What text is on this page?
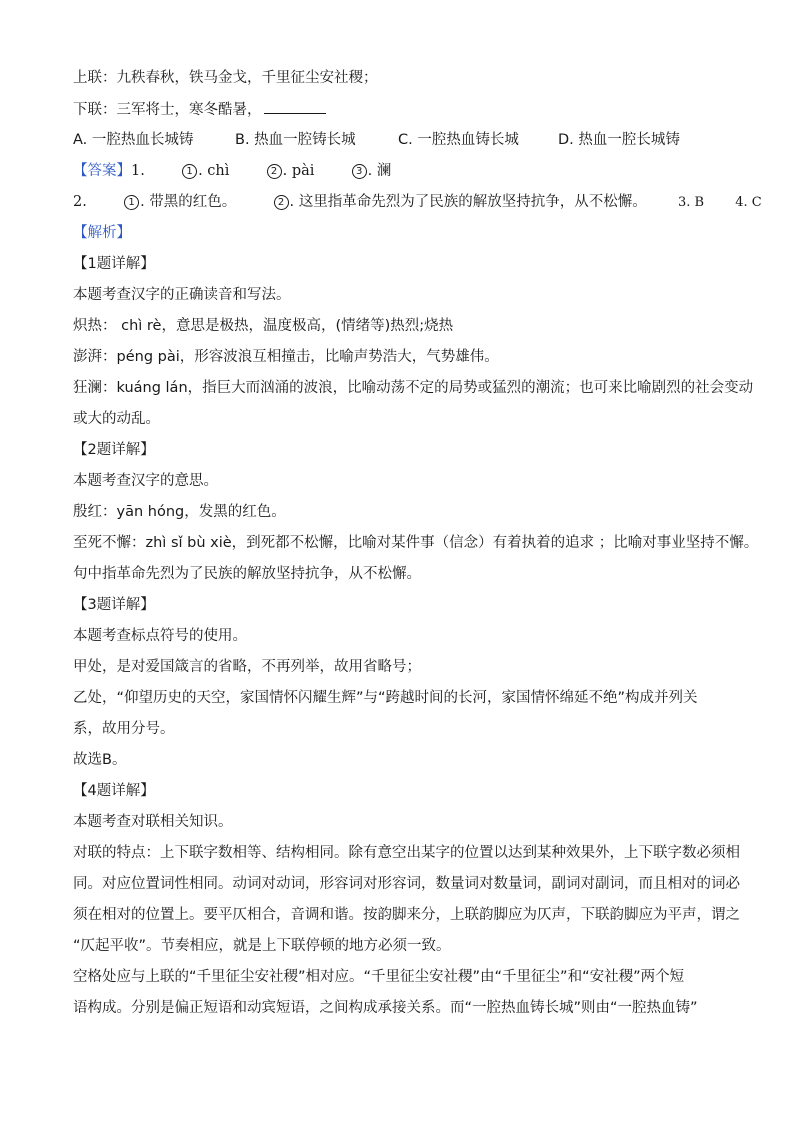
上联：九秩春秋，铁马金戈，千里征尘安社稷；
下联：三军将士，寒冬酷暑，
A. 一腔热血长城铸	B. 热血一腔铸长城	C. 一腔热血铸长城	D. 热血一腔长城铸
【答案】1.	1 . chì	2 . pài	3 . 澜
2.	1 . 带黑的红色。	2 . 这里指革命先烈为了民族的解放坚持抗争，从不松懈。 3. B 4. C
【解析】
【1题详解】
本题考查汉字的正确读音和写法。
炽热： chì rè，意思是极热，温度极高，(情绪等)热烈;烧热
澎湃：péng pài，形容波浪互相撞击，比喻声势浩大，气势雄伟。
狂澜：kuáng lán，指巨大而汹涌的波浪，比喻动荡不定的局势或猛烈的潮流；也可来比喻剧烈的社会变动
或大的动乱。
【2题详解】
本题考查汉字的意思。
殷红：yān hóng，发黑的红色。
至死不懈：zhì sǐ bù xiè，到死都不松懈，比喻对某件事（信念）有着执着的追求 ；比喻对事业坚持不懈。
句中指革命先烈为了民族的解放坚持抗争，从不松懈。
【3题详解】
本题考查标点符号的使用。
甲处，是对爱国箴言的省略，不再列举，故用省略号；
乙处，“仰望历史的天空，家国情怀闪耀生辉”与“跨越时间的长河，家国情怀绵延不绝”构成并列关
系，故用分号。
故选B。
【4题详解】
本题考查对联相关知识。
对联的特点：上下联字数相等、结构相同。除有意空出某字的位置以达到某种效果外，上下联字数必须相
同。对应位置词性相同。动词对动词，形容词对形容词，数量词对数量词，副词对副词，而且相对的词必
须在相对的位置上。要平仄相合，音调和谐。按韵脚来分，上联韵脚应为仄声，下联韵脚应为平声，谓之
“仄起平收”。节奏相应，就是上下联停顿的地方必须一致。
空格处应与上联的“千里征尘安社稷”相对应。“千里征尘安社稷”由“千里征尘”和“安社稷”两个短
语构成。分别是偏正短语和动宾短语，之间构成承接关系。而“一腔热血铸长城”则由“一腔热血铸”
